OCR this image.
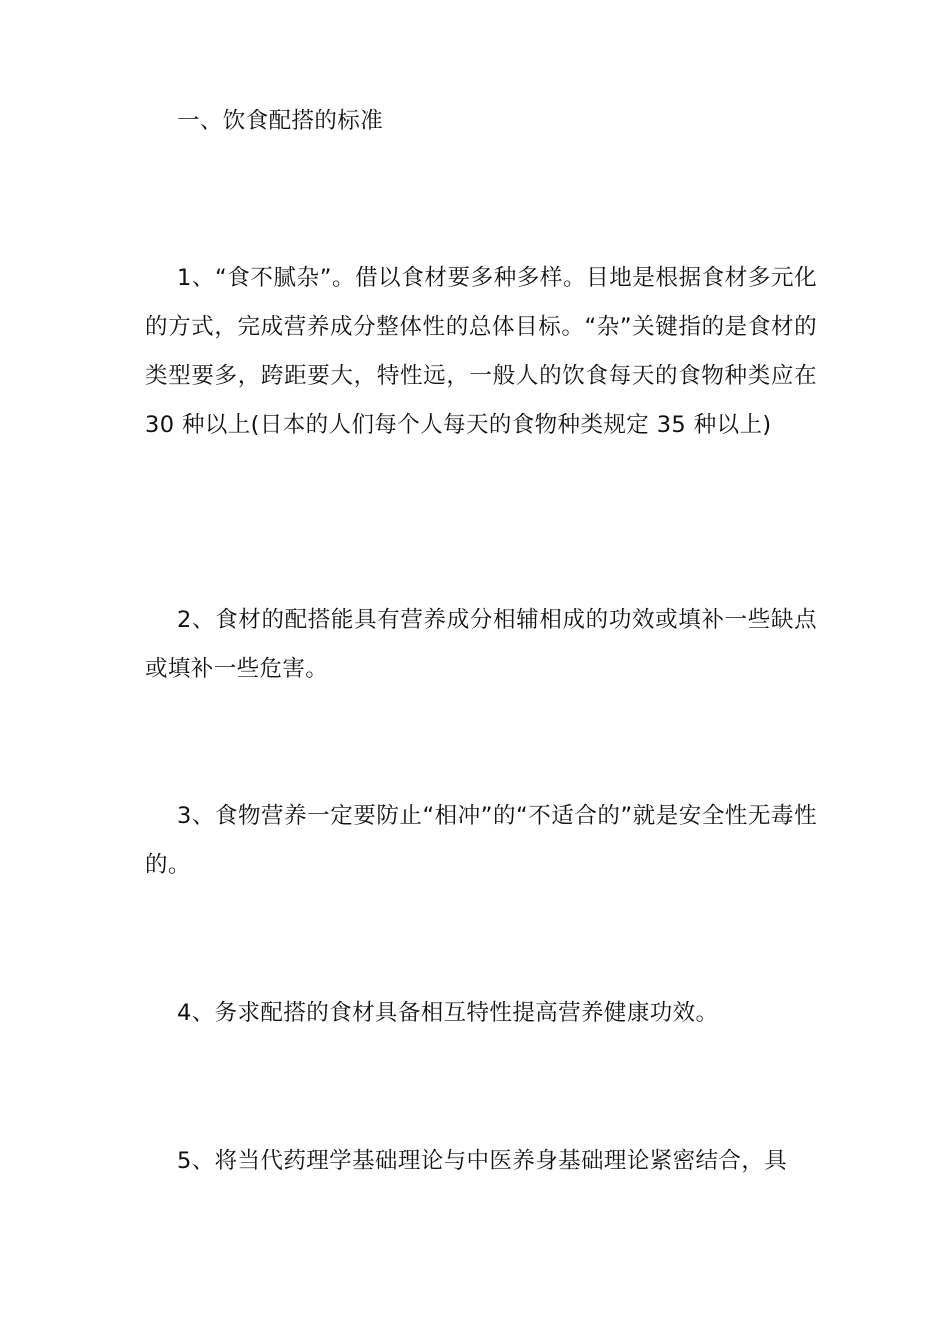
一、饮食配搭的标准

1、“食不腻杂”。借以食材要多种多样。目地是根据食材多元化的方式，完成营养成分整体性的总体目标。“杂”关键指的是食材的类型要多，跨距要大，特性远，一般人的饮食每天的食物种类应在 30 种以上(日本的人们每个人每天的食物种类规定 35 种以上)

2、食材的配搭能具有营养成分相辅相成的功效或填补一些缺点或填补一些危害。

3、食物营养一定要防止“相冲”的“不适合的”就是安全性无毒性的。

4、务求配搭的食材具备相互特性提高营养健康功效。

5、将当代药理学基础理论与中医养身基础理论紧密结合，具
